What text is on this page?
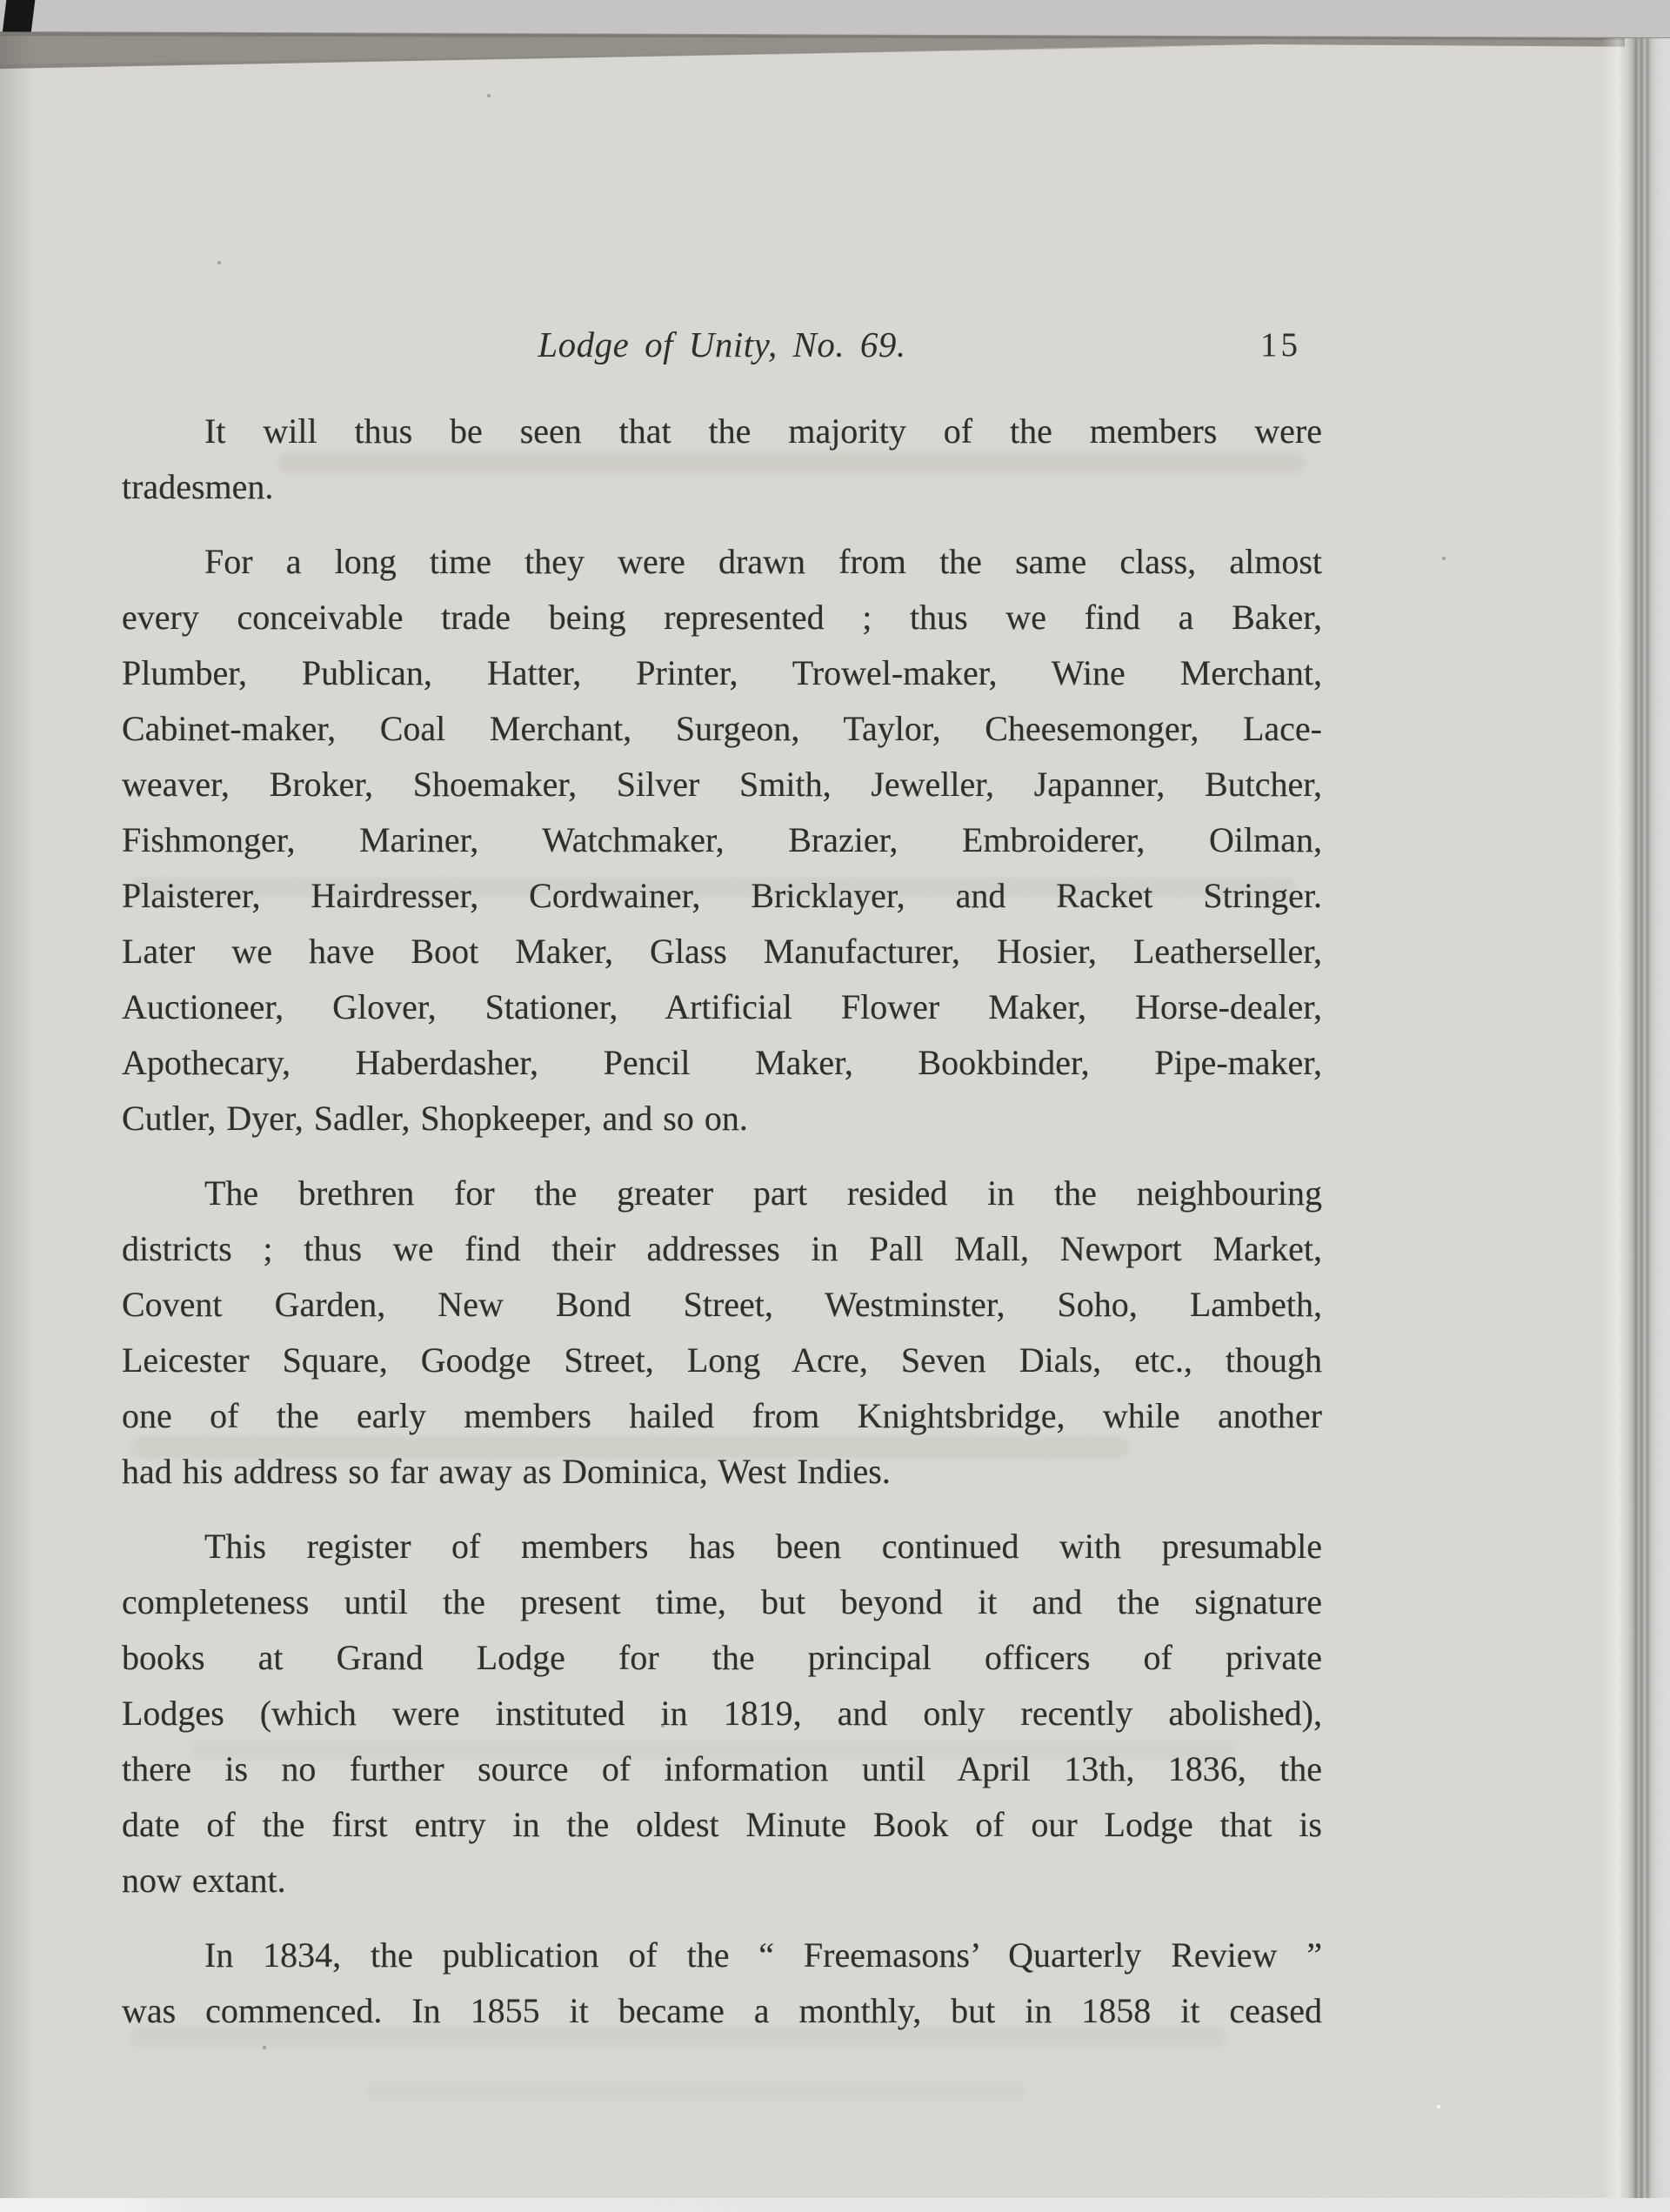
Lodge of Unity, No. 69.	15
It will thus be seen that the majority of the members were
tradesmen.
For a long time they were drawn from the same class, almost
every conceivable trade being represented ; thus we find a Baker,
Plumber, Publican, Hatter, Printer, Trowel-maker, Wine Merchant,
Cabinet-maker, Coal Merchant, Surgeon, Taylor, Cheesemonger, Lace-
weaver, Broker, Shoemaker, Silver Smith, Jeweller, Japanner, Butcher,
Fishmonger, Mariner, Watchmaker, Brazier, Embroiderer, Oilman,
Plaisterer, Hairdresser, Cordwainer, Bricklayer, and Racket Stringer.
Later we have Boot Maker, Glass Manufacturer, Hosier, Leatherseller,
Auctioneer, Glover, Stationer, Artificial Flower Maker, Horse-dealer,
Apothecary, Haberdasher, Pencil Maker, Bookbinder, Pipe-maker,
Cutler, Dyer, Sadler, Shopkeeper, and so on.
The brethren for the greater part resided in the neighbouring
districts ; thus we find their addresses in Pall Mall, Newport Market,
Covent Garden, New Bond Street, Westminster, Soho, Lambeth,
Leicester Square, Goodge Street, Long Acre, Seven Dials, etc., though
one of the early members hailed from Knightsbridge, while another
had his address so far away as Dominica, West Indies.
This register of members has been continued with presumable
completeness until the present time, but beyond it and the signature
books at Grand Lodge for the principal officers of private
Lodges (which were instituted in 1819, and only recently abolished),
there is no further source of information until April 13th, 1836, the
date of the first entry in the oldest Minute Book of our Lodge that is
now extant.
In 1834, the publication of the “ Freemasons’ Quarterly Review ”
was commenced. In 1855 it became a monthly, but in 1858 it ceased
